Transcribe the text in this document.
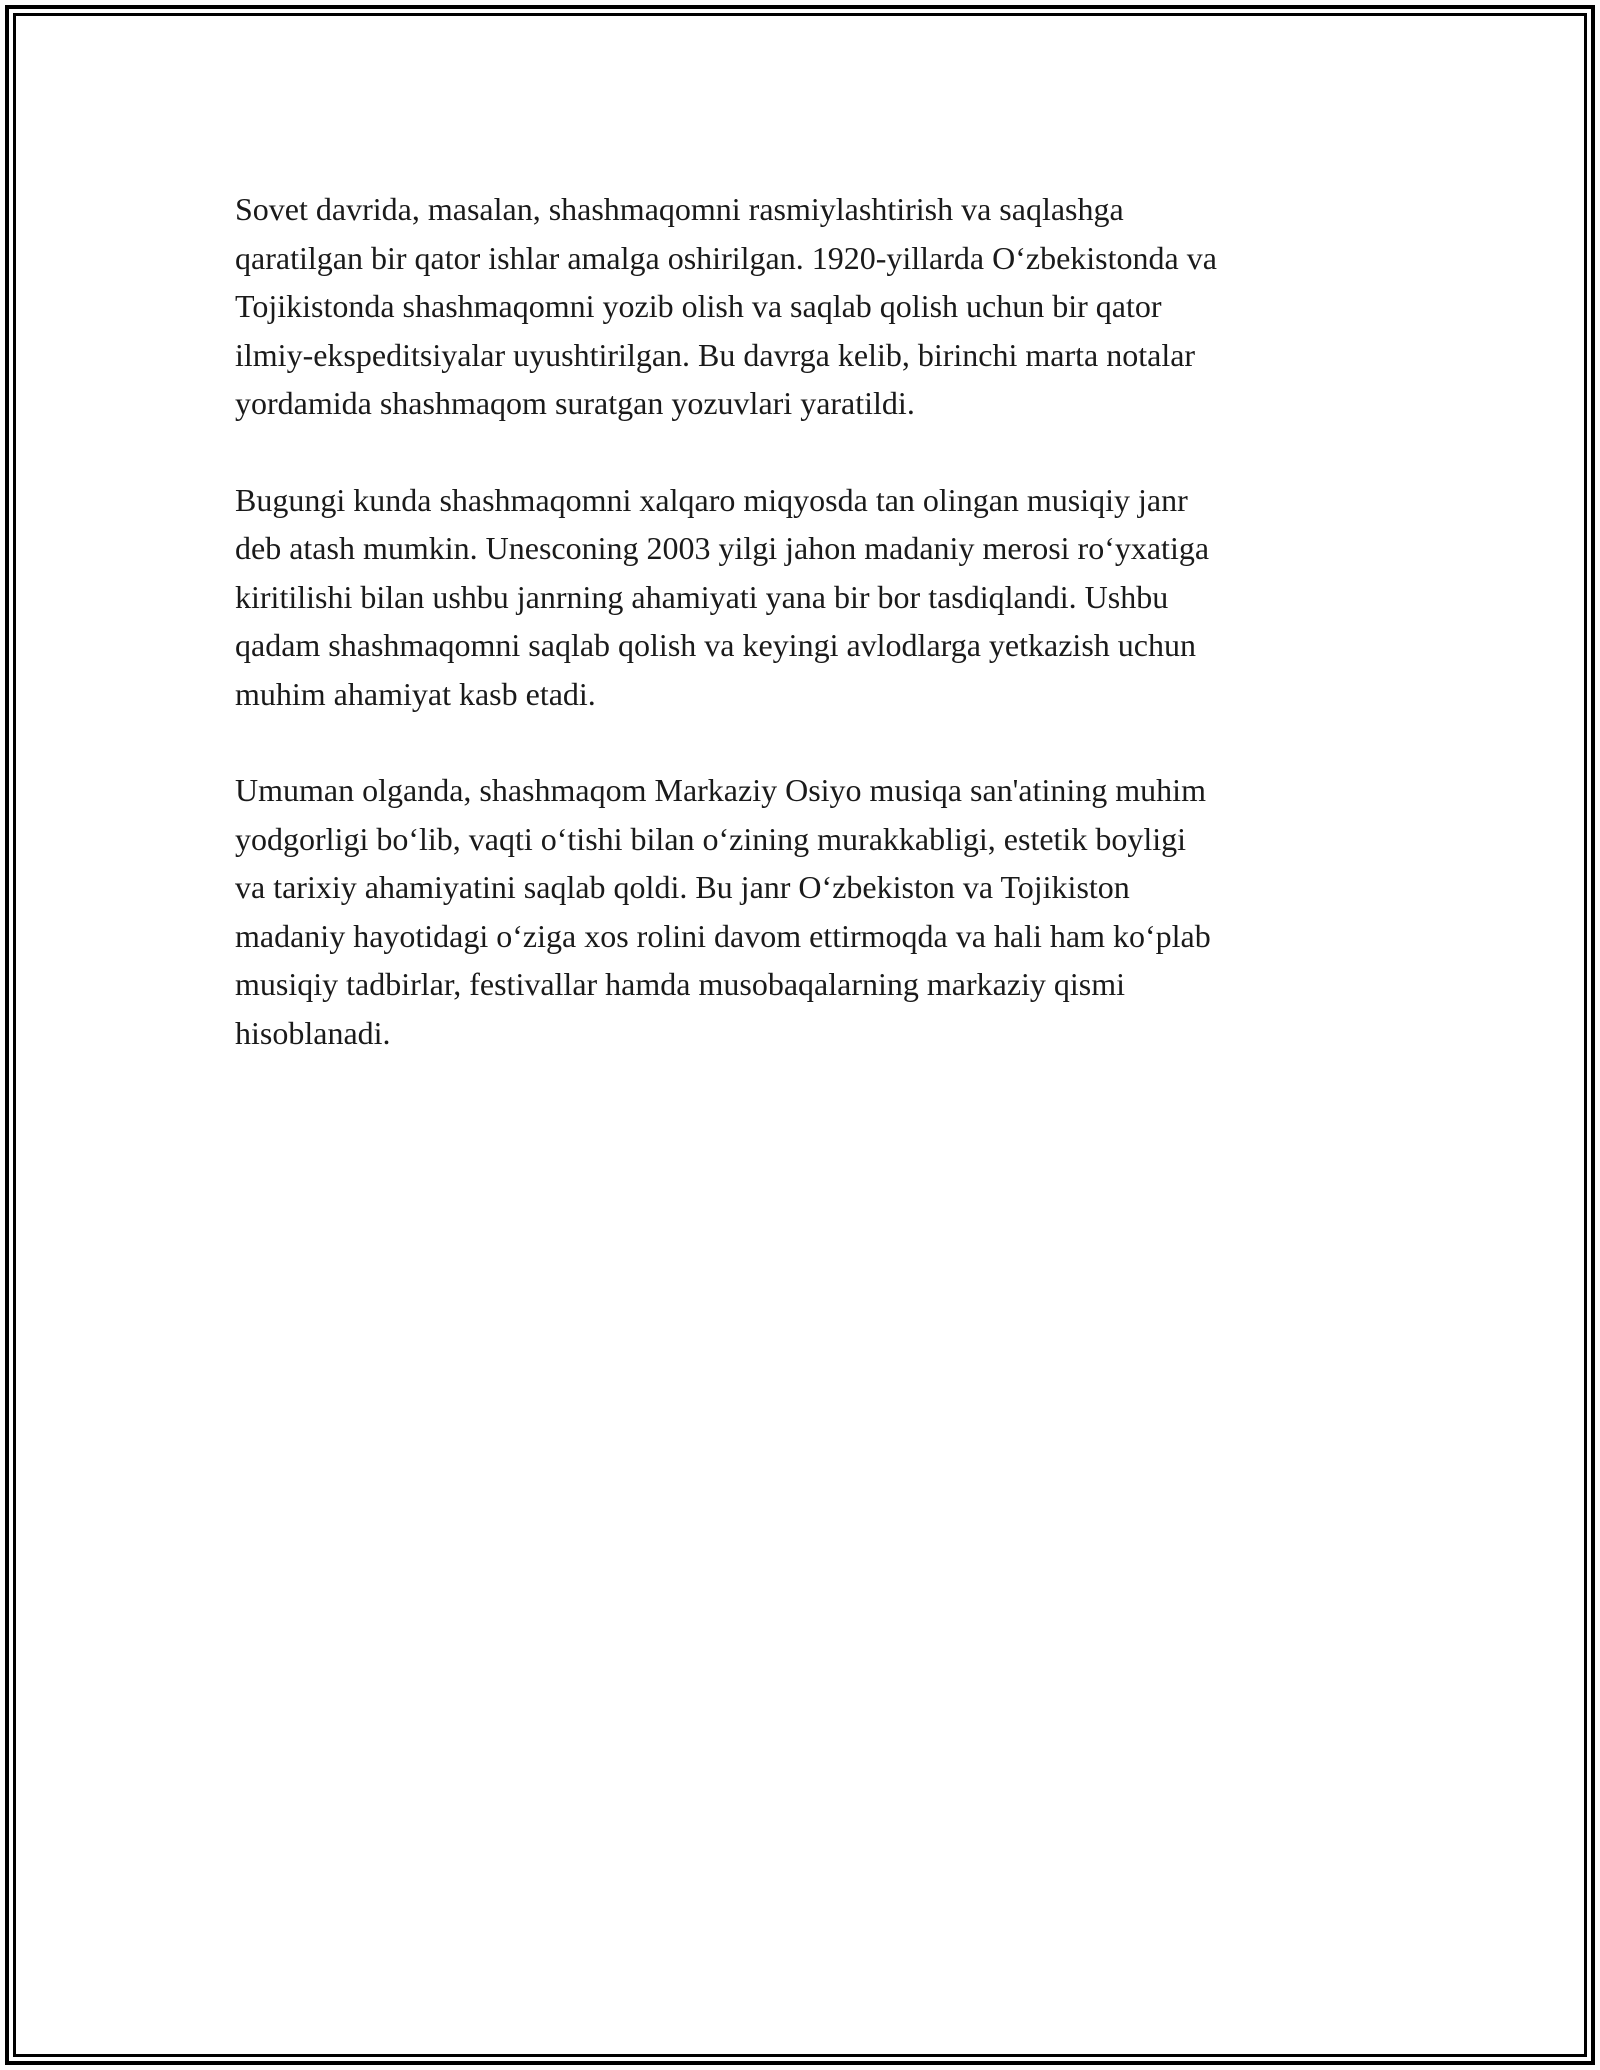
Sovet davrida, masalan, shashmaqomni rasmiylashtirish va saqlashga
qaratilgan bir qator ishlar amalga oshirilgan. 1920-yillarda Oʻzbekistonda va
Tojikistonda shashmaqomni yozib olish va saqlab qolish uchun bir qator
ilmiy-ekspeditsiyalar uyushtirilgan. Bu davrga kelib, birinchi marta notalar
yordamida shashmaqom suratgan yozuvlari yaratildi.

Bugungi kunda shashmaqomni xalqaro miqyosda tan olingan musiqiy janr
deb atash mumkin. Unesconing 2003 yilgi jahon madaniy merosi roʻyxatiga
kiritilishi bilan ushbu janrning ahamiyati yana bir bor tasdiqlandi. Ushbu
qadam shashmaqomni saqlab qolish va keyingi avlodlarga yetkazish uchun
muhim ahamiyat kasb etadi.

Umuman olganda, shashmaqom Markaziy Osiyo musiqa san'atining muhim
yodgorligi boʻlib, vaqti oʻtishi bilan oʻzining murakkabligi, estetik boyligi
va tarixiy ahamiyatini saqlab qoldi. Bu janr Oʻzbekiston va Tojikiston
madaniy hayotidagi oʻziga xos rolini davom ettirmoqda va hali ham koʻplab
musiqiy tadbirlar, festivallar hamda musobaqalarning markaziy qismi
hisoblanadi.
